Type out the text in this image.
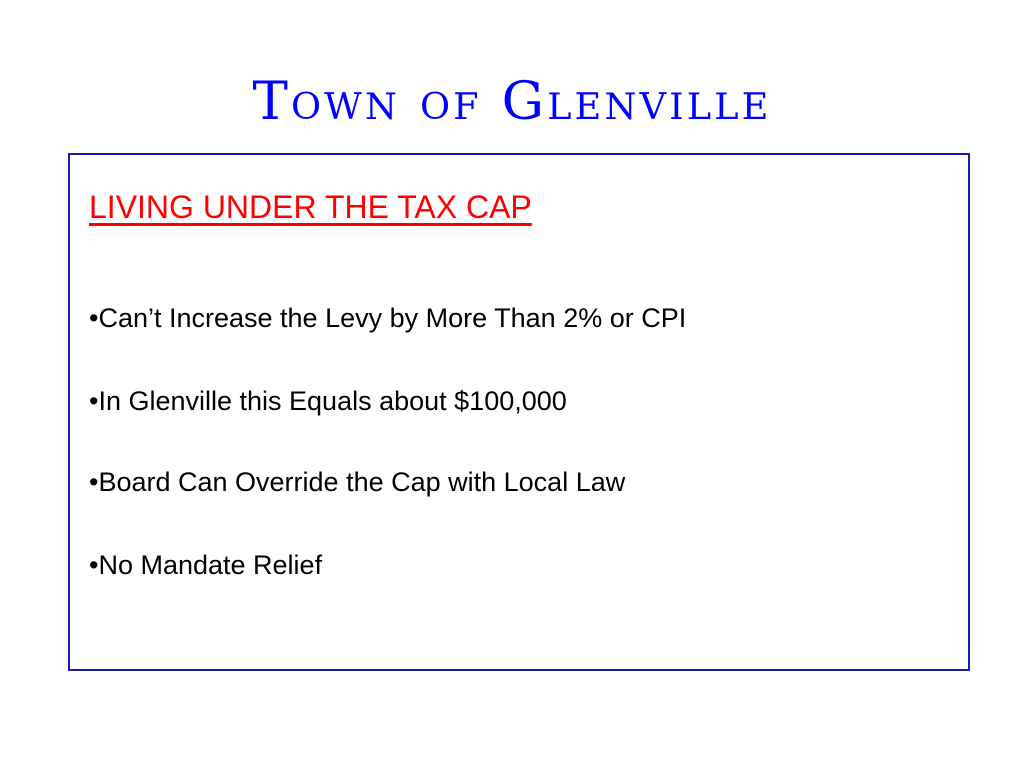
Town of Glenville
LIVING UNDER THE TAX CAP
•Can’t Increase the Levy by More Than 2% or CPI
•In Glenville this Equals about $100,000
•Board Can Override the Cap with Local Law
•No Mandate Relief
